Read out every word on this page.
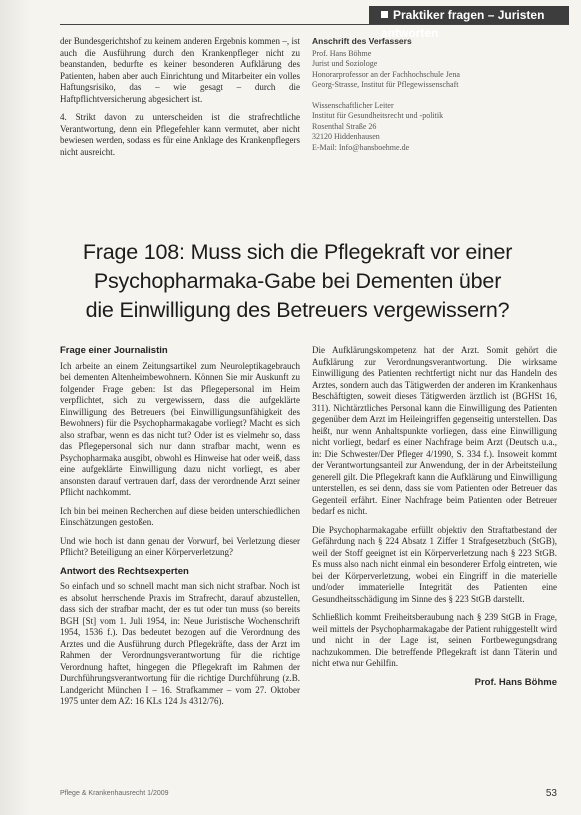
Praktiker fragen – Juristen antworten

der Bundesgerichtshof zu keinem anderen Ergebnis kommen –, ist auch die Ausführung durch den Krankenpfleger nicht zu beanstanden, bedurfte es keiner besonderen Aufklärung des Patienten, haben aber auch Einrichtung und Mitarbeiter ein volles Haftungsrisiko, das – wie gesagt – durch die Haftpflichtversicherung abgesichert ist.

4. Strikt davon zu unterscheiden ist die strafrechtliche Verantwortung, denn ein Pflegefehler kann vermutet, aber nicht bewiesen werden, sodass es für eine Anklage des Krankenpflegers nicht ausreicht.

Anschrift des Verfassers
Prof. Hans Böhme
Jurist und Soziologe
Honorarprofessor an der Fachhochschule Jena
Georg-Strasse, Institut für Pflegewissenschaft
Wissenschaftlicher Leiter
Institut für Gesundheitsrecht und -politik
Rosenthal Straße 26
32120 Hiddenhausen
E-Mail: Info@hansboehme.de
Frage 108: Muss sich die Pflegekraft vor einer
Psychopharmaka-Gabe bei Dementen über
die Einwilligung des Betreuers vergewissern?
Frage einer Journalistin

Ich arbeite an einem Zeitungsartikel zum Neuroleptikagebrauch bei dementen Altenheimbewohnern. Können Sie mir Auskunft zu folgender Frage geben: Ist das Pflegepersonal im Heim verpflichtet, sich zu vergewissern, dass die aufgeklärte Einwilligung des Betreuers (bei Einwilligungsunfähigkeit des Bewohners) für die Psychopharmakagabe vorliegt? Macht es sich also strafbar, wenn es das nicht tut? Oder ist es vielmehr so, dass das Pflegepersonal sich nur dann strafbar macht, wenn es Psychopharmaka ausgibt, obwohl es Hinweise hat oder weiß, dass eine aufgeklärte Einwilligung dazu nicht vorliegt, es aber ansonsten darauf vertrauen darf, dass der verordnende Arzt seiner Pflicht nachkommt.

Ich bin bei meinen Recherchen auf diese beiden unterschiedlichen Einschätzungen gestoßen.

Und wie hoch ist dann genau der Vorwurf, bei Verletzung dieser Pflicht? Beteiligung an einer Körperverletzung?

Antwort des Rechtsexperten

So einfach und so schnell macht man sich nicht strafbar. Noch ist es absolut herrschende Praxis im Strafrecht, darauf abzustellen, dass sich der strafbar macht, der es tut oder tun muss (so bereits BGH [St] vom 1. Juli 1954, in: Neue Juristische Wochenschrift 1954, 1536 f.). Das bedeutet bezogen auf die Verordnung des Arztes und die Ausführung durch Pflegekräfte, dass der Arzt im Rahmen der Verordnungsverantwortung für die richtige Verordnung haftet, hingegen die Pflegekraft im Rahmen der Durchführungsverantwortung für die richtige Durchführung (z.B. Landgericht München I – 16. Strafkammer – vom 27. Oktober 1975 unter dem AZ: 16 KLs 124 Js 4312/76).

Die Aufklärungskompetenz hat der Arzt. Somit gehört die Aufklärung zur Verordnungsverantwortung. Die wirksame Einwilligung des Patienten rechtfertigt nicht nur das Handeln des Arztes, sondern auch das Tätigwerden der anderen im Krankenhaus Beschäftigten, soweit dieses Tätigwerden ärztlich ist (BGHSt 16, 311). Nichtärztliches Personal kann die Einwilligung des Patienten gegenüber dem Arzt im Heileingriffen gegenseitig unterstellen. Das heißt, nur wenn Anhaltspunkte vorliegen, dass eine Einwilligung nicht vorliegt, bedarf es einer Nachfrage beim Arzt (Deutsch u.a., in: Die Schwester/Der Pfleger 4/1990, S. 334 f.). Insoweit kommt der Verantwortungsanteil zur Anwendung, der in der Arbeitsteilung generell gilt. Die Pflegekraft kann die Aufklärung und Einwilligung unterstellen, es sei denn, dass sie vom Patienten oder Betreuer das Gegenteil erfährt. Einer Nachfrage beim Patienten oder Betreuer bedarf es nicht.

Die Psychopharmakagabe erfüllt objektiv den Straftatbestand der Gefährdung nach § 224 Absatz 1 Ziffer 1 Strafgesetzbuch (StGB), weil der Stoff geeignet ist ein Körperverletzung nach § 223 StGB. Es muss also nach nicht einmal ein besonderer Erfolg eintreten, wie bei der Körperverletzung, wobei ein Eingriff in die materielle und/oder immaterielle Integrität des Patienten eine Gesundheitsschädigung im Sinne des § 223 StGB darstellt.

Schließlich kommt Freiheitsberaubung nach § 239 StGB in Frage, weil mittels der Psychopharmakagabe der Patient ruhiggestellt wird und nicht in der Lage ist, seinen Fortbewegungsdrang nachzukommen. Die betreffende Pflegekraft ist dann Täterin und nicht etwa nur Gehilfin.

Prof. Hans Böhme
Pflege & Krankenhausrecht 1/2009	53
